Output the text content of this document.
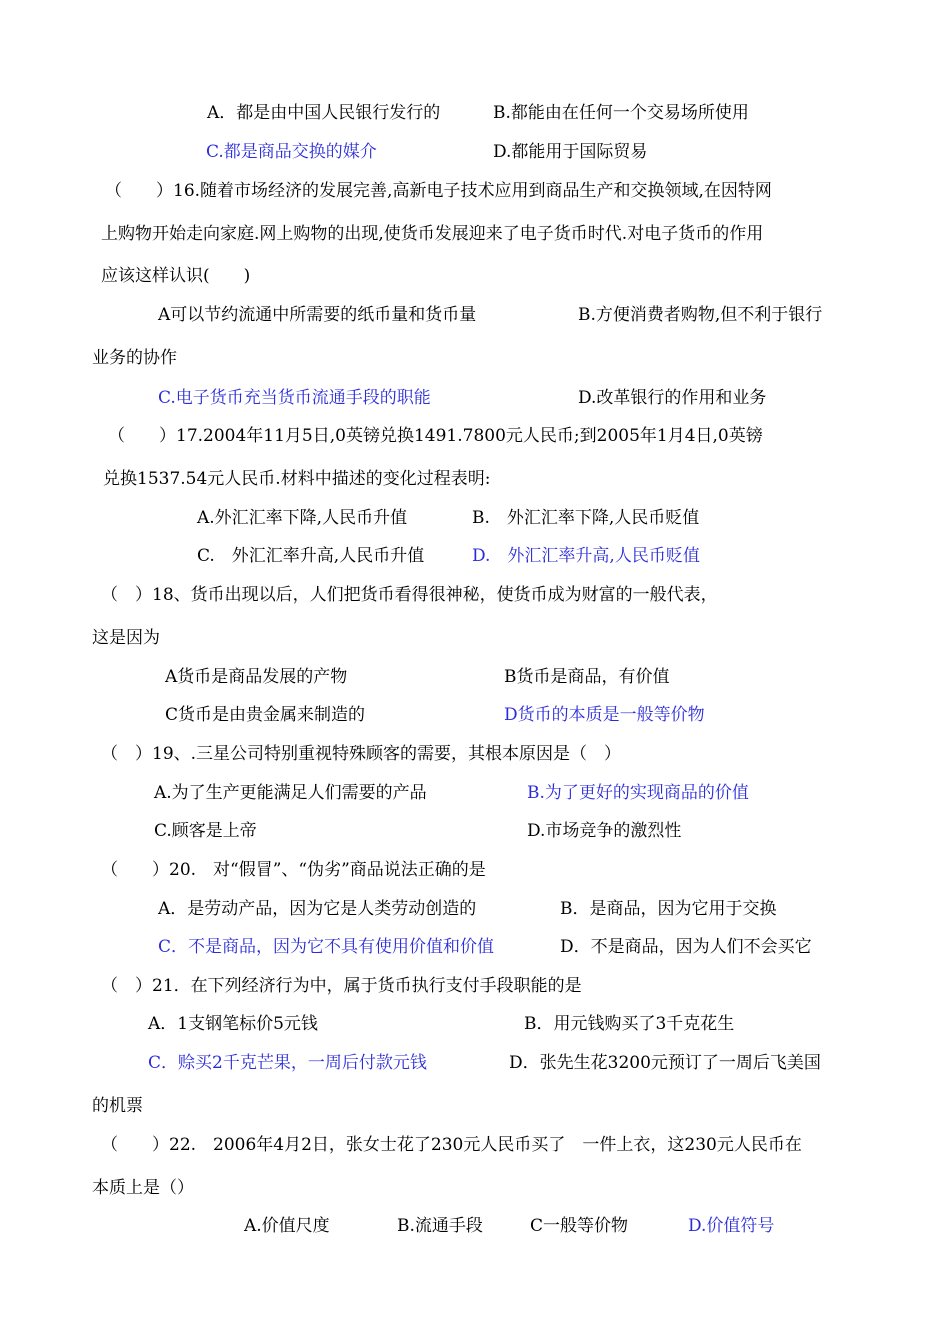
A．都是由中国人民银行发行的	B.都能由在任何一个交易场所使用
C.都是商品交换的媒介	D.都能用于国际贸易
（　　）16.随着市场经济的发展完善,高新电子技术应用到商品生产和交换领域,在因特网
上购物开始走向家庭.网上购物的出现,使货币发展迎来了电子货币时代.对电子货币的作用
应该这样认识(　　)
A可以节约流通中所需要的纸币量和货币量	B.方便消费者购物,但不利于银行
业务的协作
C.电子货币充当货币流通手段的职能	D.改革银行的作用和业务
（　　）17.2004年11月5日,0英镑兑换1491.7800元人民币;到2005年1月4日,0英镑
兑换1537.54元人民币.材料中描述的变化过程表明:
A.外汇汇率下降,人民币升值	B.　外汇汇率下降,人民币贬值
C.　外汇汇率升高,人民币升值	D.　外汇汇率升高,人民币贬值
（　）18、货币出现以后，人们把货币看得很神秘，使货币成为财富的一般代表，
这是因为
A货币是商品发展的产物	B货币是商品，有价值
C货币是由贵金属来制造的	D货币的本质是一般等价物
（　）19、.三星公司特别重视特殊顾客的需要，其根本原因是（　）
A.为了生产更能满足人们需要的产品	B.为了更好的实现商品的价值
C.顾客是上帝	D.市场竞争的激烈性
（　　）20.　对“假冒”、“伪劣”商品说法正确的是
A．是劳动产品，因为它是人类劳动创造的	B．是商品，因为它用于交换
C．不是商品，因为它不具有使用价值和价值	D．不是商品，因为人们不会买它
（　）21．在下列经济行为中，属于货币执行支付手段职能的是
A．1支钢笔标价5元钱	B．用元钱购买了3千克花生
C．赊买2千克芒果，一周后付款元钱	D．张先生花3200元预订了一周后飞美国
的机票
（　　）22.　2006年4月2日，张女士花了230元人民币买了　一件上衣，这230元人民币在
本质上是（）
A.价值尺度	B.流通手段	C一般等价物	D.价值符号
